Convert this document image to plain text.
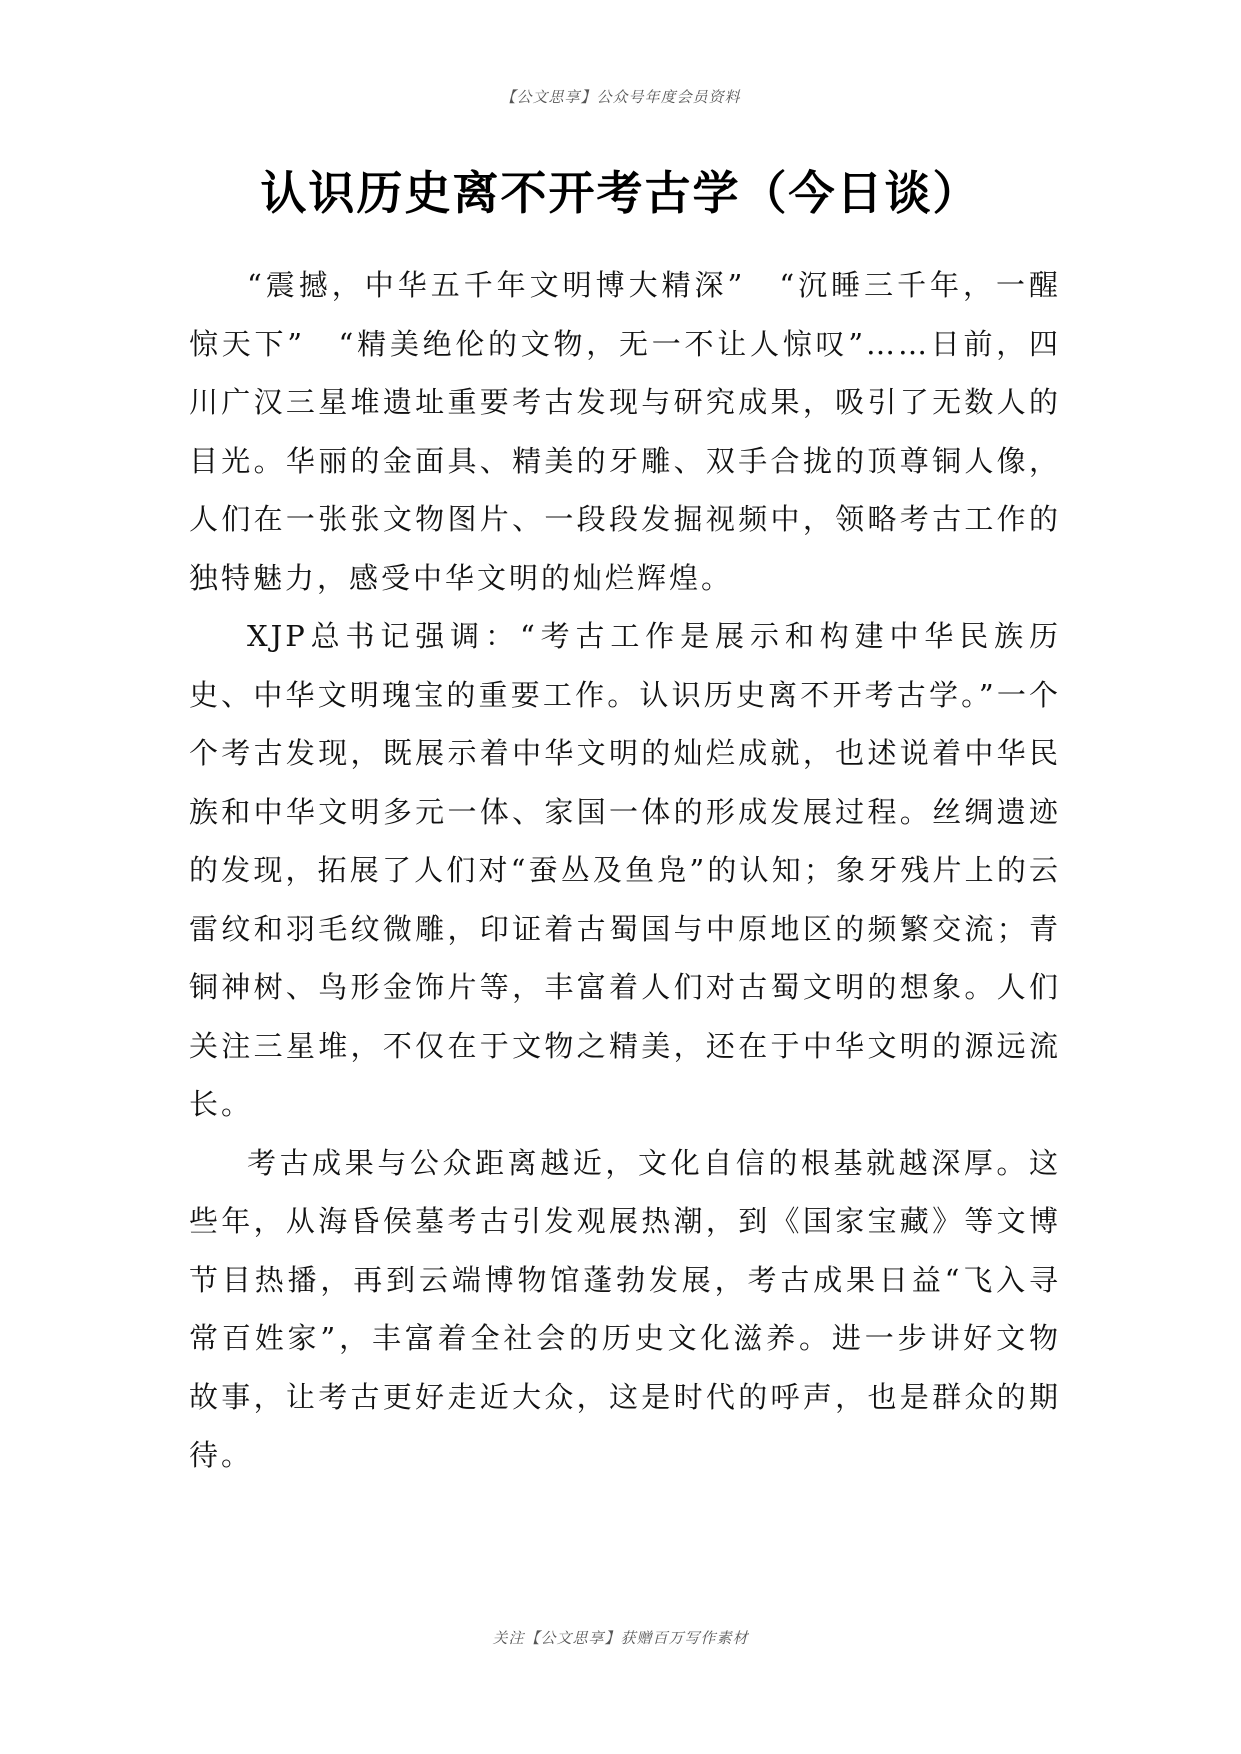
【公文思享】公众号年度会员资料
认识历史离不开考古学（今日谈）

“震撼，中华五千年文明博大精深”　“沉睡三千年，一醒惊天下”　“精美绝伦的文物，无一不让人惊叹”……日前，四川广汉三星堆遗址重要考古发现与研究成果，吸引了无数人的目光。华丽的金面具、精美的牙雕、双手合拢的顶尊铜人像，人们在一张张文物图片、一段段发掘视频中，领略考古工作的独特魅力，感受中华文明的灿烂辉煌。

XJP总书记强调：“考古工作是展示和构建中华民族历史、中华文明瑰宝的重要工作。认识历史离不开考古学。”一个个考古发现，既展示着中华文明的灿烂成就，也述说着中华民族和中华文明多元一体、家国一体的形成发展过程。丝绸遗迹的发现，拓展了人们对“蚕丛及鱼凫”的认知；象牙残片上的云雷纹和羽毛纹微雕，印证着古蜀国与中原地区的频繁交流；青铜神树、鸟形金饰片等，丰富着人们对古蜀文明的想象。人们关注三星堆，不仅在于文物之精美，还在于中华文明的源远流长。

考古成果与公众距离越近，文化自信的根基就越深厚。这些年，从海昏侯墓考古引发观展热潮，到《国家宝藏》等文博节目热播，再到云端博物馆蓬勃发展，考古成果日益“飞入寻常百姓家”，丰富着全社会的历史文化滋养。进一步讲好文物故事，让考古更好走近大众，这是时代的呼声，也是群众的期待。

关注【公文思享】获赠百万写作素材
